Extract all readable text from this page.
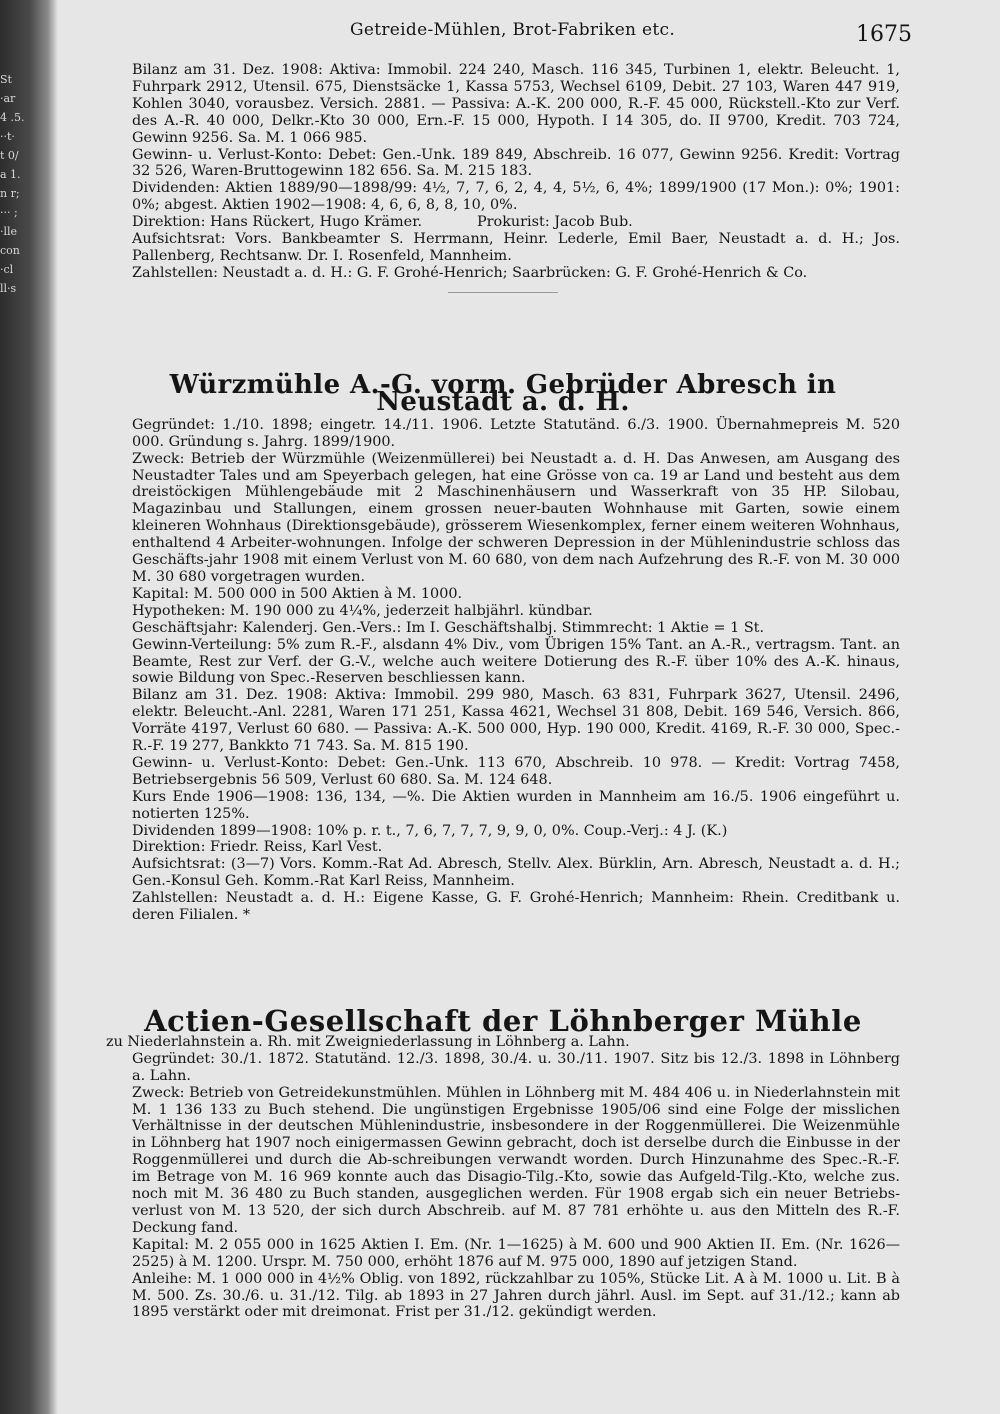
St
·ar
4 .5.
··t·
t 0/
a 1.
n r;
··· ;
·lle
con
·cl
ll·s
Getreide-Mühlen, Brot-Fabriken etc.	1675

Bilanz am 31. Dez. 1908: Aktiva: Immobil. 224 240, Masch. 116 345, Turbinen 1, elektr. Beleucht. 1, Fuhrpark 2912, Utensil. 675, Dienstsäcke 1, Kassa 5753, Wechsel 6109, Debit. 27 103, Waren 447 919, Kohlen 3040, vorausbez. Versich. 2881. — Passiva: A.-K. 200 000, R.-F. 45 000, Rückstell.-Kto zur Verf. des A.-R. 40 000, Delkr.-Kto 30 000, Ern.-F. 15 000, Hypoth. I 14 305, do. II 9700, Kredit. 703 724, Gewinn 9256. Sa. M. 1 066 985.

Gewinn- u. Verlust-Konto: Debet: Gen.-Unk. 189 849, Abschreib. 16 077, Gewinn 9256. Kredit: Vortrag 32 526, Waren-Bruttogewinn 182 656. Sa. M. 215 183.

Dividenden: Aktien 1889/90—1898/99: 4½, 7, 7, 6, 2, 4, 4, 5½, 6, 4%; 1899/1900 (17 Mon.): 0%; 1901: 0%; abgest. Aktien 1902—1908: 4, 6, 6, 8, 8, 10, 0%.

Direktion: Hans Rückert, Hugo Krämer.            Prokurist: Jacob Bub.

Aufsichtsrat: Vors. Bankbeamter S. Herrmann, Heinr. Lederle, Emil Baer, Neustadt a. d. H.; Jos. Pallenberg, Rechtsanw. Dr. I. Rosenfeld, Mannheim.

Zahlstellen: Neustadt a. d. H.: G. F. Grohé-Henrich; Saarbrücken: G. F. Grohé-Henrich & Co.

Würzmühle A.-G. vorm. Gebrüder Abresch in Neustadt a. d. H.

Gegründet: 1./10. 1898; eingetr. 14./11. 1906. Letzte Statutänd. 6./3. 1900. Übernahmepreis M. 520 000. Gründung s. Jahrg. 1899/1900.

Zweck: Betrieb der Würzmühle (Weizenmüllerei) bei Neustadt a. d. H. Das Anwesen, am Ausgang des Neustadter Tales und am Speyerbach gelegen, hat eine Grösse von ca. 19 ar Land und besteht aus dem dreistöckigen Mühlengebäude mit 2 Maschinenhäusern und Wasserkraft von 35 HP. Silobau, Magazinbau und Stallungen, einem grossen neuer-bauten Wohnhause mit Garten, sowie einem kleineren Wohnhaus (Direktionsgebäude), grösserem Wiesenkomplex, ferner einem weiteren Wohnhaus, enthaltend 4 Arbeiter-wohnungen. Infolge der schweren Depression in der Mühlenindustrie schloss das Geschäfts-jahr 1908 mit einem Verlust von M. 60 680, von dem nach Aufzehrung des R.-F. von M. 30 000 M. 30 680 vorgetragen wurden.

Kapital: M. 500 000 in 500 Aktien à M. 1000.

Hypotheken: M. 190 000 zu 4¼%, jederzeit halbjährl. kündbar.

Geschäftsjahr: Kalenderj. Gen.-Vers.: Im I. Geschäftshalbj. Stimmrecht: 1 Aktie = 1 St.

Gewinn-Verteilung: 5% zum R.-F., alsdann 4% Div., vom Übrigen 15% Tant. an A.-R., vertragsm. Tant. an Beamte, Rest zur Verf. der G.-V., welche auch weitere Dotierung des R.-F. über 10% des A.-K. hinaus, sowie Bildung von Spec.-Reserven beschliessen kann.

Bilanz am 31. Dez. 1908: Aktiva: Immobil. 299 980, Masch. 63 831, Fuhrpark 3627, Utensil. 2496, elektr. Beleucht.-Anl. 2281, Waren 171 251, Kassa 4621, Wechsel 31 808, Debit. 169 546, Versich. 866, Vorräte 4197, Verlust 60 680. — Passiva: A.-K. 500 000, Hyp. 190 000, Kredit. 4169, R.-F. 30 000, Spec.-R.-F. 19 277, Bankkto 71 743. Sa. M. 815 190.

Gewinn- u. Verlust-Konto: Debet: Gen.-Unk. 113 670, Abschreib. 10 978. — Kredit: Vortrag 7458, Betriebsergebnis 56 509, Verlust 60 680. Sa. M. 124 648.

Kurs Ende 1906—1908: 136, 134, —%. Die Aktien wurden in Mannheim am 16./5. 1906 eingeführt u. notierten 125%.

Dividenden 1899—1908: 10% p. r. t., 7, 6, 7, 7, 7, 9, 9, 0, 0%. Coup.-Verj.: 4 J. (K.)

Direktion: Friedr. Reiss, Karl Vest.

Aufsichtsrat: (3—7) Vors. Komm.-Rat Ad. Abresch, Stellv. Alex. Bürklin, Arn. Abresch, Neustadt a. d. H.; Gen.-Konsul Geh. Komm.-Rat Karl Reiss, Mannheim.

Zahlstellen: Neustadt a. d. H.: Eigene Kasse, G. F. Grohé-Henrich; Mannheim: Rhein. Creditbank u. deren Filialen. *

Actien-Gesellschaft der Löhnberger Mühle

zu Niederlahnstein a. Rh. mit Zweigniederlassung in Löhnberg a. Lahn.

Gegründet: 30./1. 1872. Statutänd. 12./3. 1898, 30./4. u. 30./11. 1907. Sitz bis 12./3. 1898 in Löhnberg a. Lahn.

Zweck: Betrieb von Getreidekunstmühlen. Mühlen in Löhnberg mit M. 484 406 u. in Niederlahnstein mit M. 1 136 133 zu Buch stehend. Die ungünstigen Ergebnisse 1905/06 sind eine Folge der misslichen Verhältnisse in der deutschen Mühlenindustrie, insbesondere in der Roggenmüllerei. Die Weizenmühle in Löhnberg hat 1907 noch einigermassen Gewinn gebracht, doch ist derselbe durch die Einbusse in der Roggenmüllerei und durch die Ab-schreibungen verwandt worden. Durch Hinzunahme des Spec.-R.-F. im Betrage von M. 16 969 konnte auch das Disagio-Tilg.-Kto, sowie das Aufgeld-Tilg.-Kto, welche zus. noch mit M. 36 480 zu Buch standen, ausgeglichen werden. Für 1908 ergab sich ein neuer Betriebs-verlust von M. 13 520, der sich durch Abschreib. auf M. 87 781 erhöhte u. aus den Mitteln des R.-F. Deckung fand.

Kapital: M. 2 055 000 in 1625 Aktien I. Em. (Nr. 1—1625) à M. 600 und 900 Aktien II. Em. (Nr. 1626—2525) à M. 1200. Urspr. M. 750 000, erhöht 1876 auf M. 975 000, 1890 auf jetzigen Stand.

Anleihe: M. 1 000 000 in 4½% Oblig. von 1892, rückzahlbar zu 105%, Stücke Lit. A à M. 1000 u. Lit. B à M. 500. Zs. 30./6. u. 31./12. Tilg. ab 1893 in 27 Jahren durch jährl. Ausl. im Sept. auf 31./12.; kann ab 1895 verstärkt oder mit dreimonat. Frist per 31./12. gekündigt werden.
